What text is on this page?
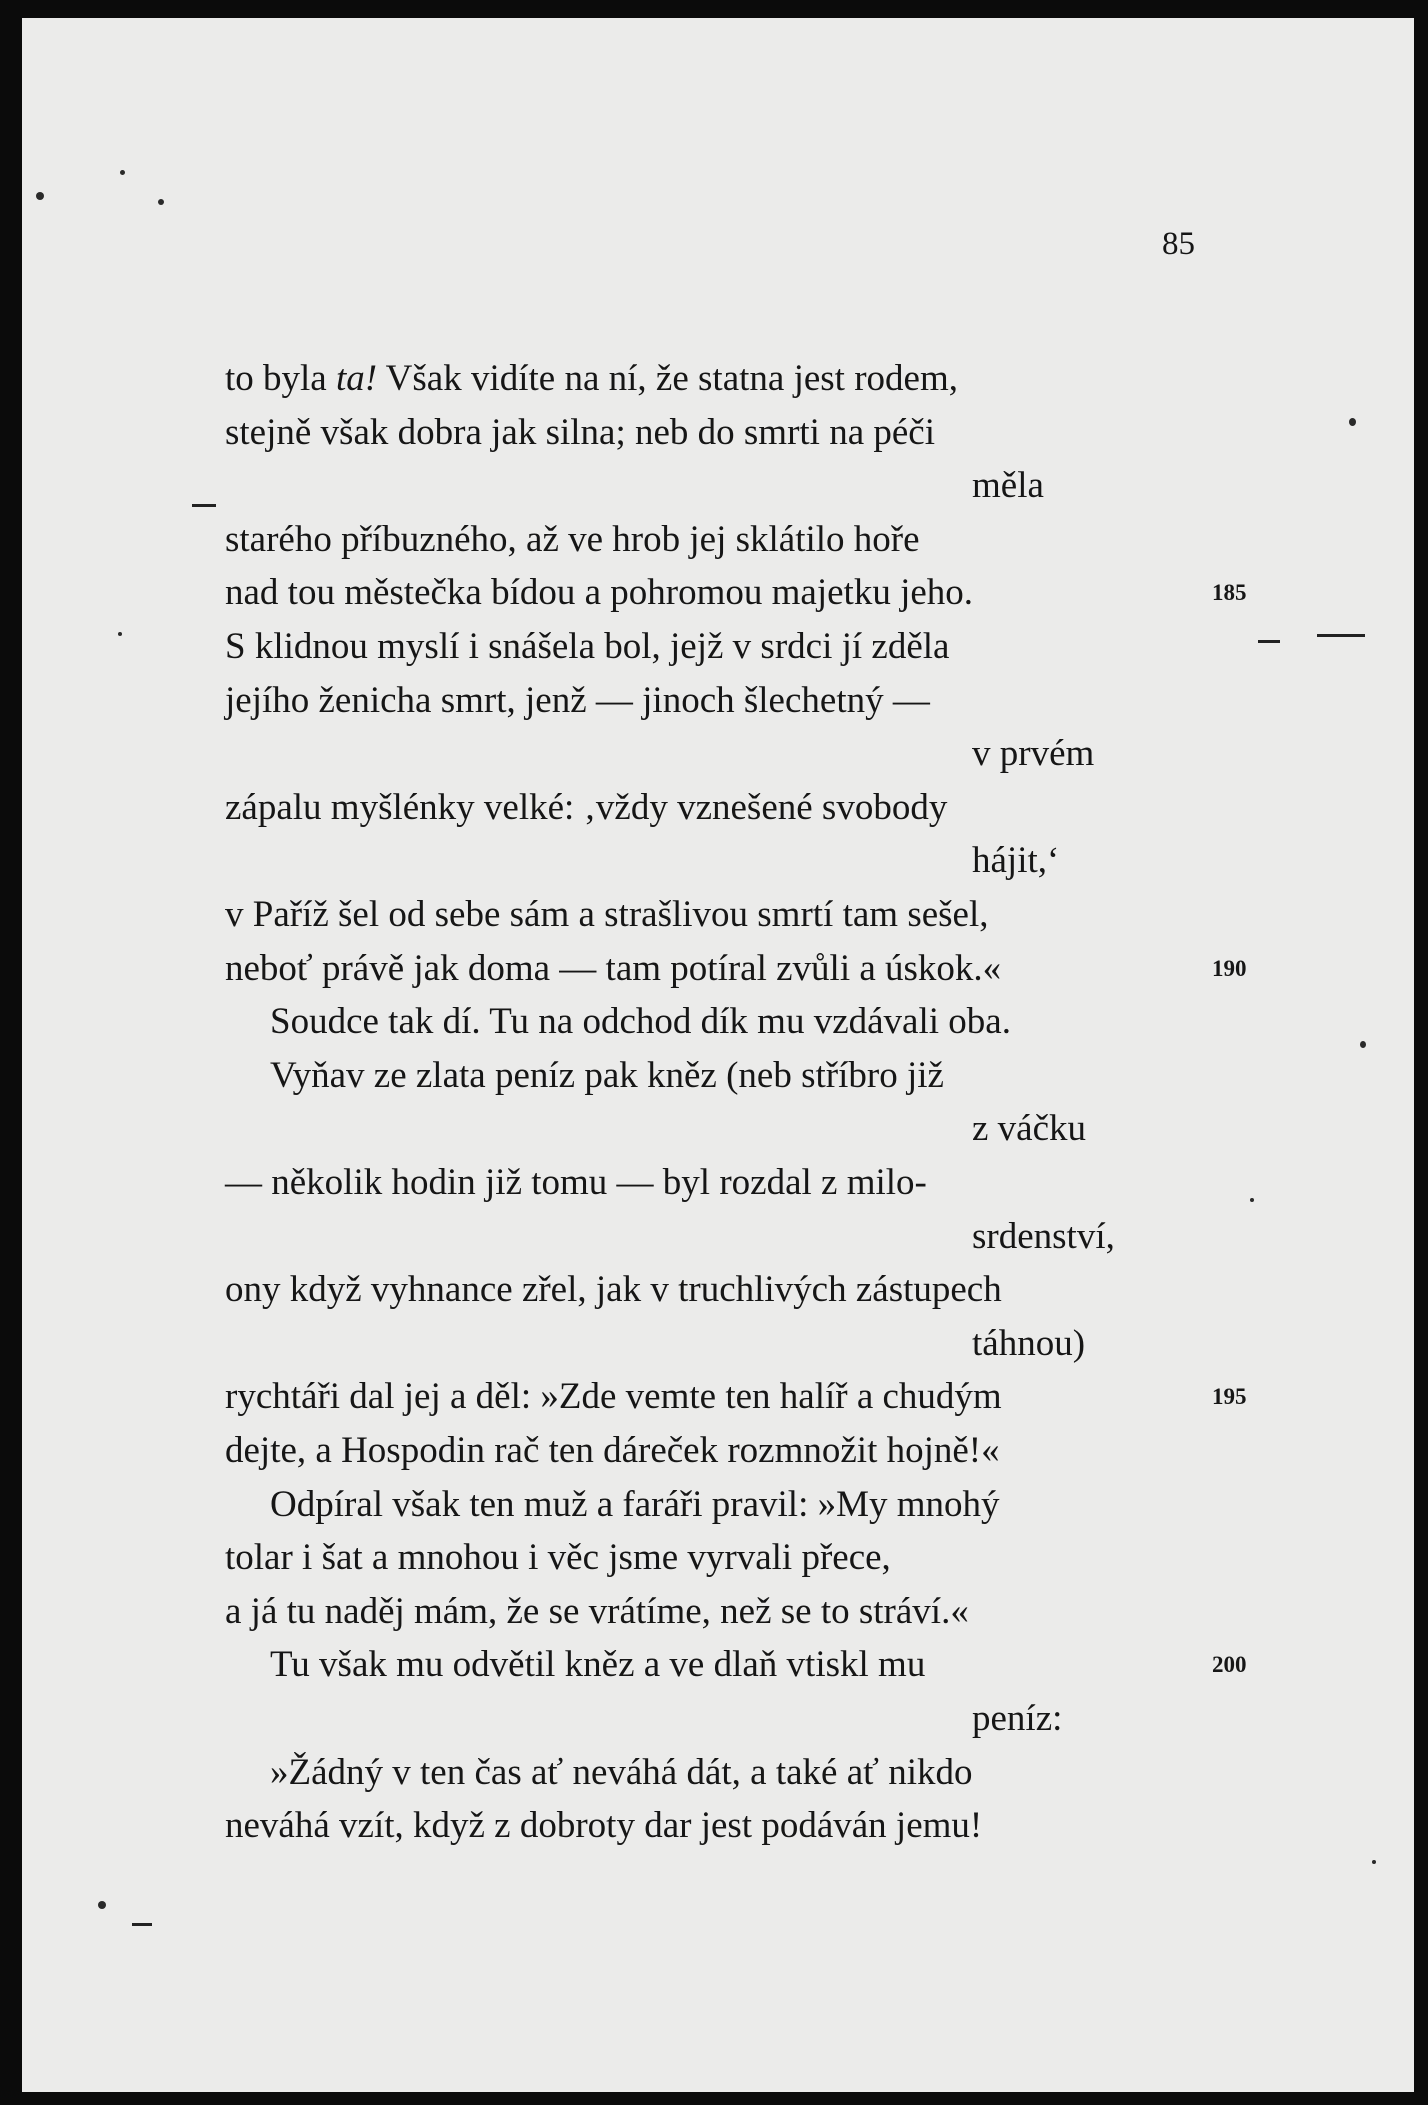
85
to byla ta! Však vidíte na ní, že statna jest rodem,
stejně však dobra jak silna; neb do smrti na péči
měla
starého příbuzného, až ve hrob jej sklátilo hoře
nad tou městečka bídou a pohromou majetku jeho.
S klidnou myslí i snášela bol, jejž v srdci jí zděla
jejího ženicha smrt, jenž — jinoch šlechetný —
v prvém
zápalu myšlénky velké: ‚vždy vznešené svobody
hájit,‘
v Paříž šel od sebe sám a strašlivou smrtí tam sešel,
neboť právě jak doma — tam potíral zvůli a úskok.«
Soudce tak dí. Tu na odchod dík mu vzdávali oba.
Vyňav ze zlata peníz pak kněz (neb stříbro již
z váčku
— několik hodin již tomu — byl rozdal z milo-
srdenství,
ony když vyhnance zřel, jak v truchlivých zástupech
táhnou)
rychtáři dal jej a děl: »Zde vemte ten halíř a chudým
dejte, a Hospodin rač ten dáreček rozmnožit hojně!«
Odpíral však ten muž a faráři pravil: »My mnohý
tolar i šat a mnohou i věc jsme vyrvali přece,
a já tu naděj mám, že se vrátíme, než se to stráví.«
Tu však mu odvětil kněz a ve dlaň vtiskl mu
peníz:
»Žádný v ten čas ať neváhá dát, a také ať nikdo
neváhá vzít, když z dobroty dar jest podáván jemu!
185
190
195
200
